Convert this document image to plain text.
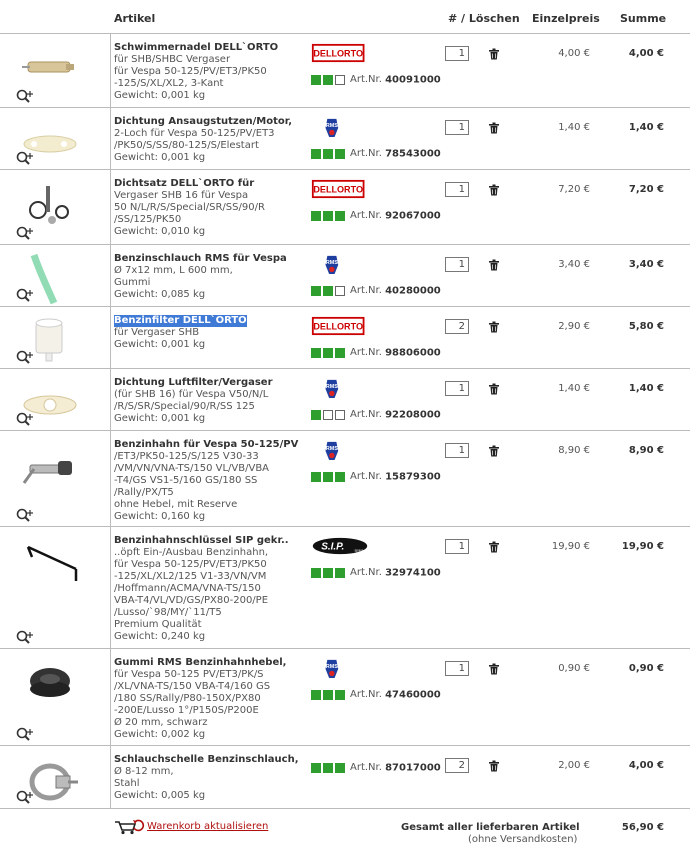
Artikel	# / Löschen Einzelpreis Summe
Schwimmernadel DELL`ORTO
für SHB/SHBC Vergaser
für Vespa 50-125/PV/ET3/PK50
-125/S/XL/XL2, 3-Kant
Gewicht: 0,001 kg
DELLORTO
Art.Nr. 40091000
1	4,00 €	4,00 €
Dichtung Ansaugstutzen/Motor,
2-Loch für Vespa 50-125/PV/ET3
/PK50/S/SS/80-125/S/Elestart
Gewicht: 0,001 kg
RMS
Art.Nr. 78543000
1	1,40 €	1,40 €
Dichtsatz DELL`ORTO für
Vergaser SHB 16 für Vespa
50 N/L/R/S/Special/SR/SS/90/R
/SS/125/PK50
Gewicht: 0,010 kg
DELLORTO
Art.Nr. 92067000
1	7,20 €	7,20 €
Benzinschlauch RMS für Vespa
Ø 7x12 mm, L 600 mm,
Gummi
Gewicht: 0,085 kg
RMS
Art.Nr. 40280000
1	3,40 €	3,40 €
Benzinfilter DELL`ORTO
für Vergaser SHB
Gewicht: 0,001 kg
DELLORTO
Art.Nr. 98806000
2	2,90 €	5,80 €
Dichtung Luftfilter/Vergaser
(für SHB 16) für Vespa V50/N/L
/R/S/SR/Special/90/R/SS 125
Gewicht: 0,001 kg
RMS
Art.Nr. 92208000
1	1,40 €	1,40 €
Benzinhahn für Vespa 50-125/PV
/ET3/PK50-125/S/125 V30-33
/VM/VN/VNA-TS/150 VL/VB/VBA
-T4/GS VS1-5/160 GS/180 SS
/Rally/PX/T5
ohne Hebel, mit Reserve
Gewicht: 0,160 kg
RMS
Art.Nr. 15879300
1	8,90 €	8,90 €
Benzinhahnschlüssel SIP gekr..
..öpft Ein-/Ausbau Benzinhahn,
für Vespa 50-125/PV/ET3/PK50
-125/XL/XL2/125 V1-33/VN/VM
/Hoffmann/ACMA/VNA-TS/150
VBA-T4/VL/VD/GS/PX80-200/PE
/Lusso/`98/MY/`11/T5
Premium Qualität
Gewicht: 0,240 kg
S.I.P.	spare parts
Art.Nr. 32974100
1	19,90 €	19,90 €
Gummi RMS Benzinhahnhebel,
für Vespa 50-125 PV/ET3/PK/S
/XL/VNA-TS/150 VBA-T4/160 GS
/180 SS/Rally/P80-150X/PX80
-200E/Lusso 1°/P150S/P200E
Ø 20 mm, schwarz
Gewicht: 0,002 kg
RMS
Art.Nr. 47460000
1	0,90 €	0,90 €
Schlauchschelle Benzinschlauch,
Ø 8-12 mm,
Stahl
Gewicht: 0,005 kg
Art.Nr. 87017000	2	2,00 €	4,00 €
Warenkorb aktualisieren	Gesamt aller lieferbaren Artikel
(ohne Versandkosten)
56,90 €
